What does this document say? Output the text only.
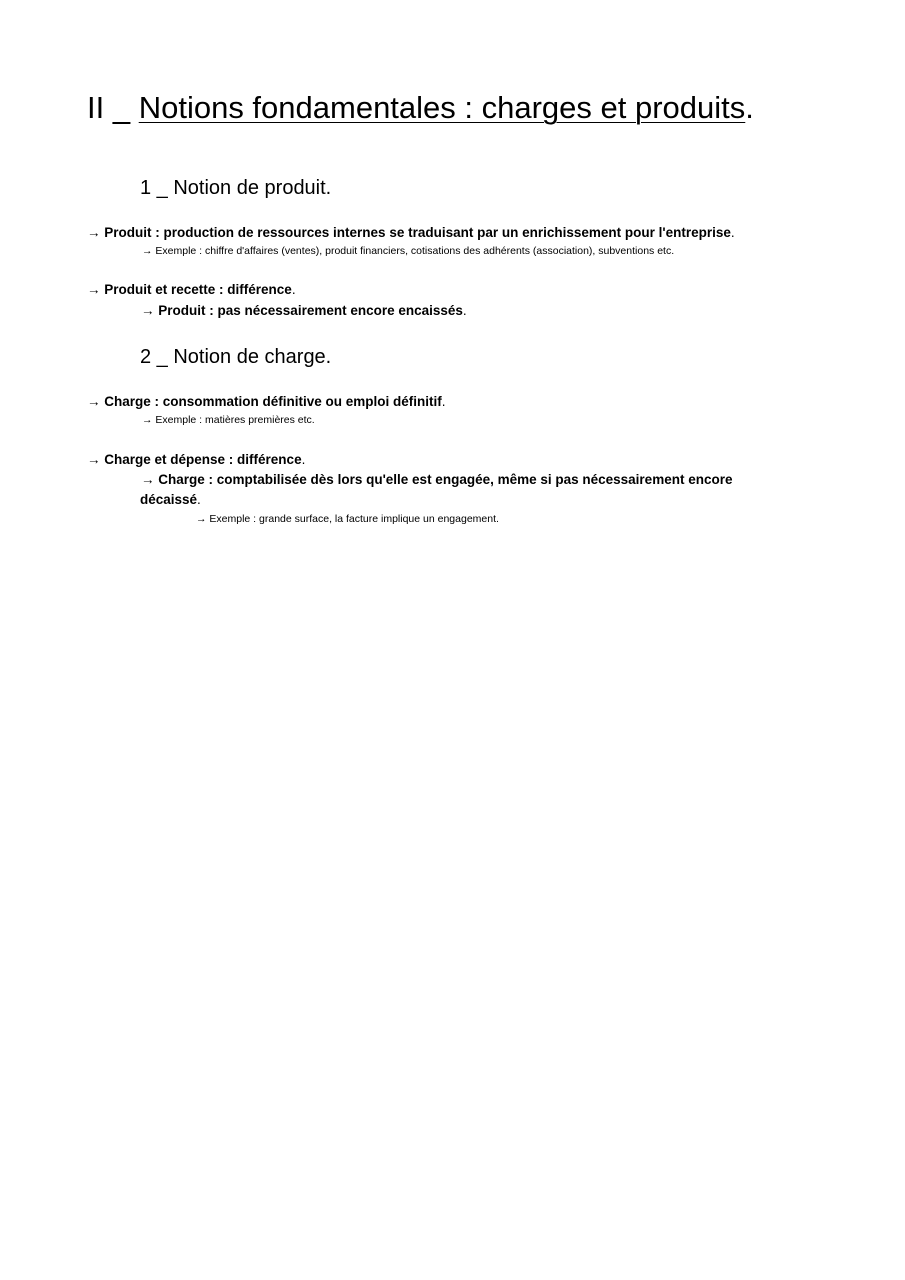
II _ Notions fondamentales : charges et produits.
1 _ Notion de produit.
→ Produit : production de ressources internes se traduisant par un enrichissement pour l'entreprise.
→ Exemple : chiffre d'affaires (ventes), produit financiers, cotisations des adhérents (association), subventions etc.
→ Produit et recette : différence.
→ Produit : pas nécessairement encore encaissés.
2 _ Notion de charge.
→ Charge : consommation définitive ou emploi définitif.
→ Exemple : matières premières etc.
→ Charge et dépense : différence.
→ Charge : comptabilisée dès lors qu'elle est engagée, même si pas nécessairement encore
décaissé.
→ Exemple : grande surface, la facture implique un engagement.
